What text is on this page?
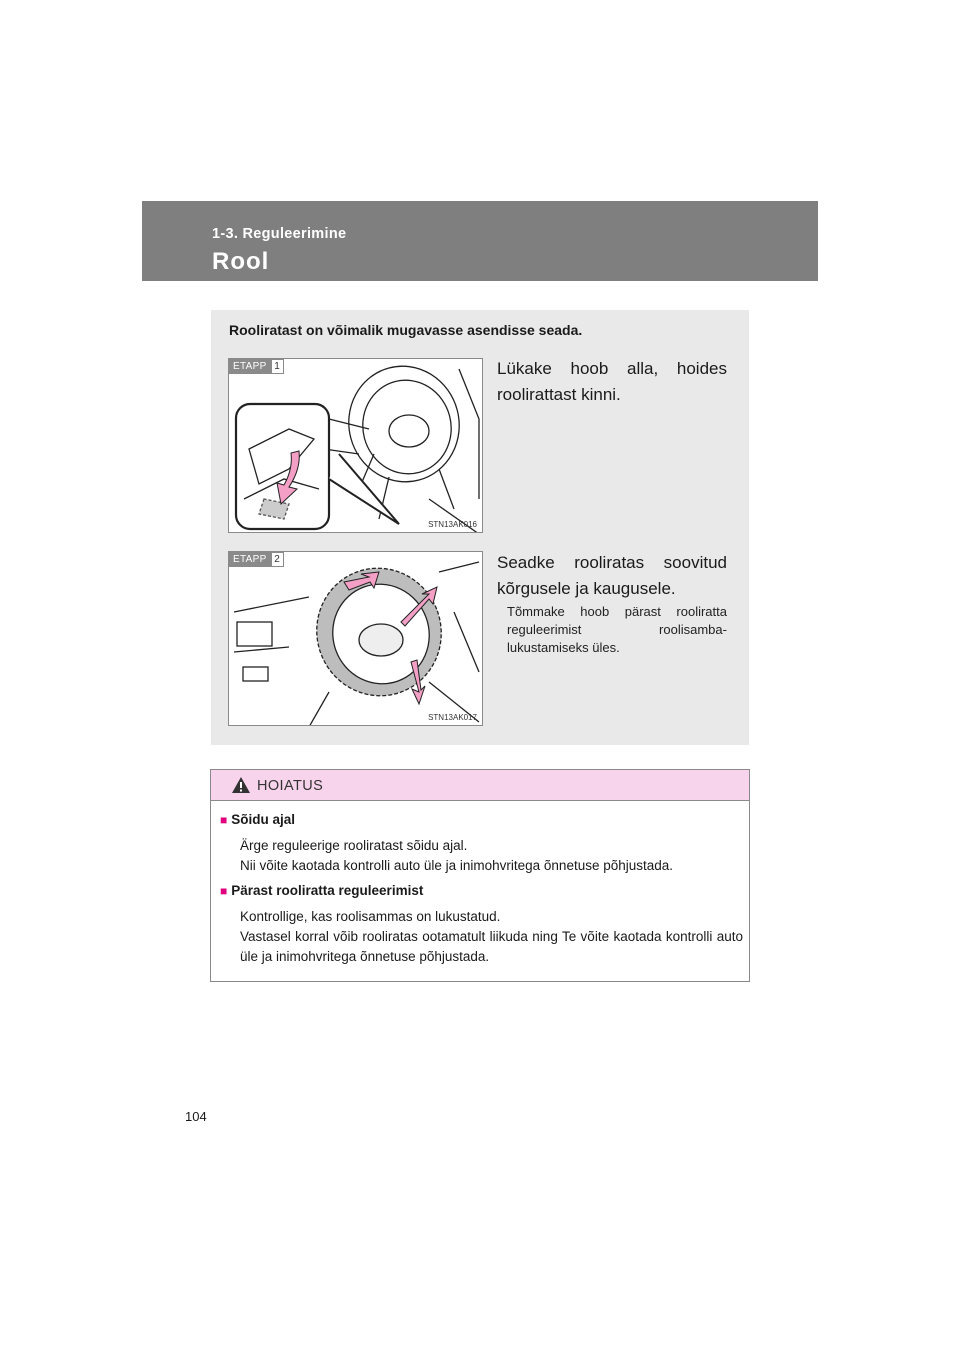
1-3. Reguleerimine
Rool
Rooliratast on võimalik mugavasse asendisse seada.
ETAPP 1
STN13AK016
Lükake hoob alla, hoides roolirattast kinni.
ETAPP 2
STN13AK017
Seadke rooliratas soovitud kõrgusele ja kaugusele.
Tõmmake hoob pärast rooliratta reguleerimist roolisambalukustamiseks üles.
HOIATUS
■ Sõidu ajal
Ärge reguleerige rooliratast sõidu ajal.
Nii võite kaotada kontrolli auto üle ja inimohvritega õnnetuse põhjustada.
■ Pärast rooliratta reguleerimist
Kontrollige, kas roolisammas on lukustatud.
Vastasel korral võib rooliratas ootamatult liikuda ning Te võite kaotada kontrolli auto üle ja inimohvritega õnnetuse põhjustada.
104
